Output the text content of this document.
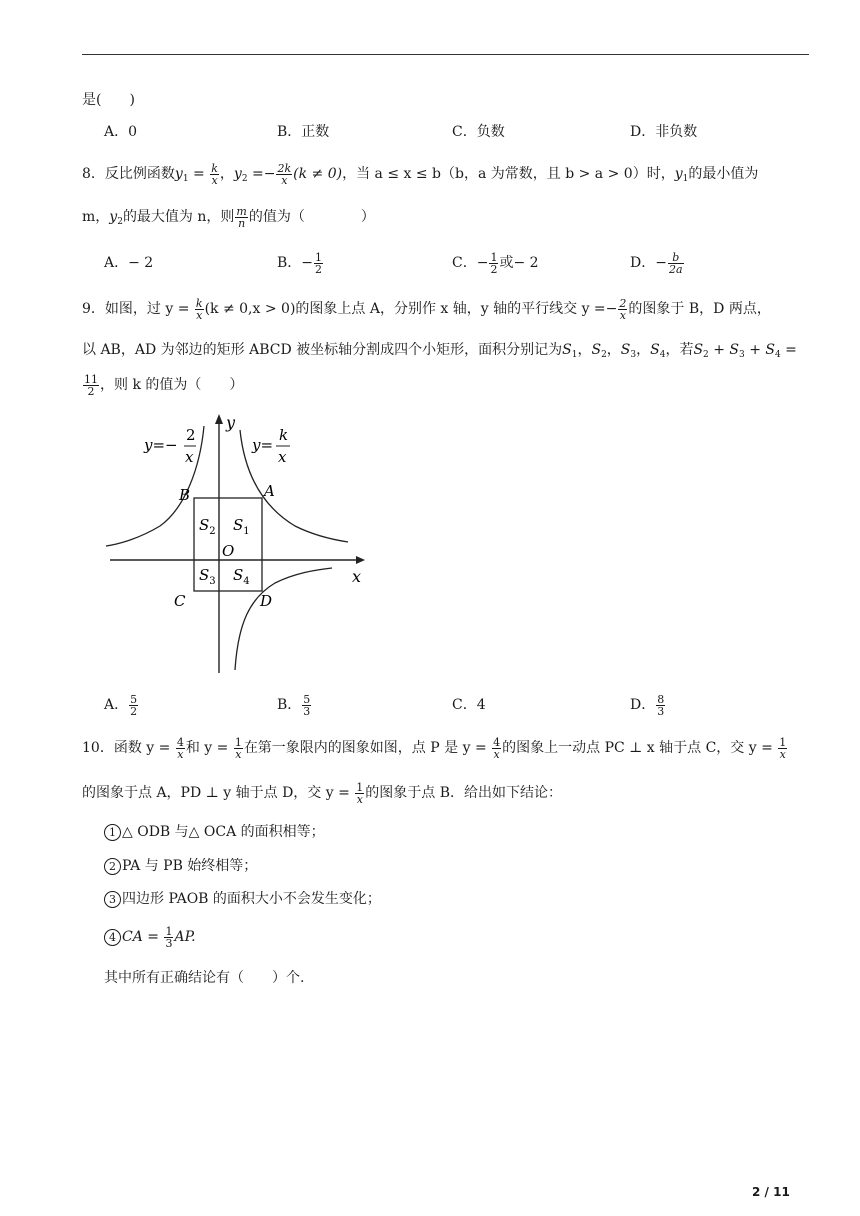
是(　　)
A．0	B．正数	C．负数	D．非负数
8．反比例函数$y_1 = \frac{k}{x}$ ，$y_2 =- \frac{2k}{x} (k \ne 0)$，当 a ≤ x ≤ b（b，a 为常数，且 b > a > 0）时，$y_1$的最小值为
m，$y_2$的最大值为 n，则 $\frac{m}{n}$ 的值为（　　　　）
A．− 2	B．− $\frac{1}{2}$	C．− $\frac{1}{2}$ 或− 2	D．− $\frac{b}{2a}$
9．如图，过 $y = \frac{k}{x} (k \ne 0,x > 0)$的图象上点 A，分别作 x 轴，y 轴的平行线交 $y =- \frac{2}{x}$ 的图象于 B，D 两点，
以 AB，AD 为邻边的矩形 ABCD 被坐标轴分割成四个小矩形，面积分别记为$S_1$，$S_2$，$S_3$，$S_4$，若$S_2 + S_3 + S_4$ =
$\frac{11}{2}$ ，则 k 的值为（　　）
y=−
2
x
y=
k
x
y
x
O
B	A
C	D
$S_2$ $S_1$
$S_3$ $S_4$
A． $\frac{5}{2}$	B． $\frac{5}{3}$	C．4	D． $\frac{8}{3}$
10．函数 $y = \frac{4}{x}$ 和 $y = \frac{1}{x}$ 在第一象限内的图象如图，点 P 是 $y = \frac{4}{x}$ 的图象上一动点 PC ⊥ x 轴于点 C，交 $y = \frac{1}{x}$
的图象于点 A，PD ⊥ y 轴于点 D，交 $y = \frac{1}{x}$ 的图象于点 B．给出如下结论：
1 △ ODB 与△ OCA 的面积相等；
2 PA 与 PB 始终相等；
3 四边形 PAOB 的面积大小不会发生变化；
4 CA = $\frac{1}{3}$ AP.
其中所有正确结论有（　　）个.
2 / 11
